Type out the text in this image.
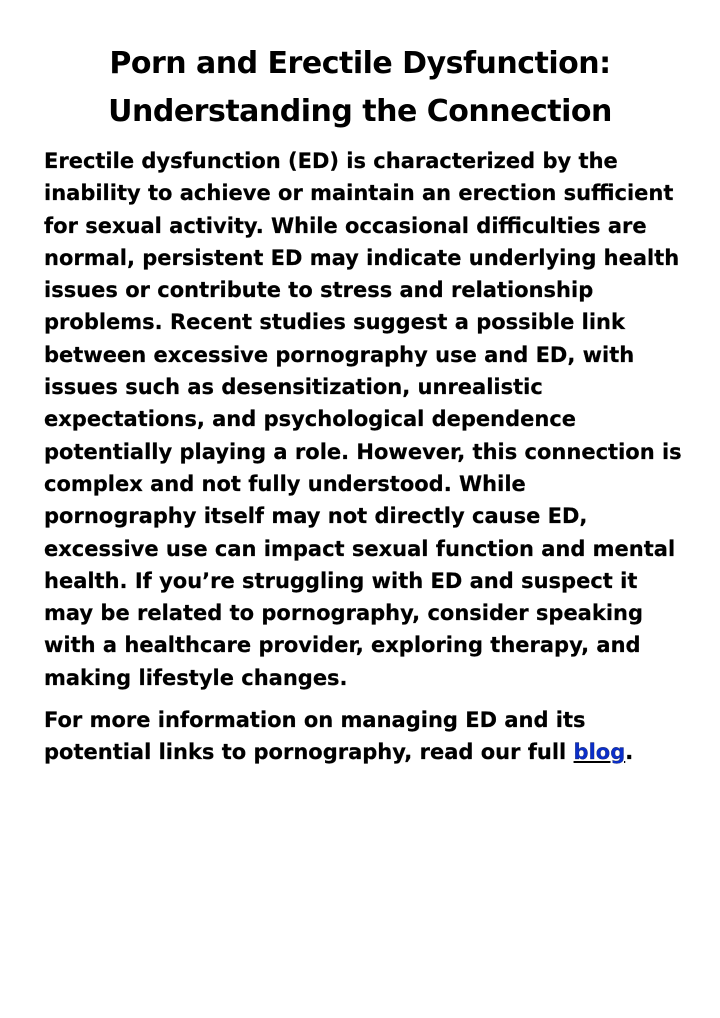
Porn and Erectile Dysfunction:
Understanding the Connection

Erectile dysfunction (ED) is characterized by the inability to achieve or maintain an erection sufficient for sexual activity. While occasional difficulties are normal, persistent ED may indicate underlying health issues or contribute to stress and relationship problems. Recent studies suggest a possible link between excessive pornography use and ED, with issues such as desensitization, unrealistic expectations, and psychological dependence potentially playing a role. However, this connection is complex and not fully understood. While pornography itself may not directly cause ED, excessive use can impact sexual function and mental health. If you’re struggling with ED and suspect it may be related to pornography, consider speaking with a healthcare provider, exploring therapy, and making lifestyle changes.

For more information on managing ED and its potential links to pornography, read our full blog.
